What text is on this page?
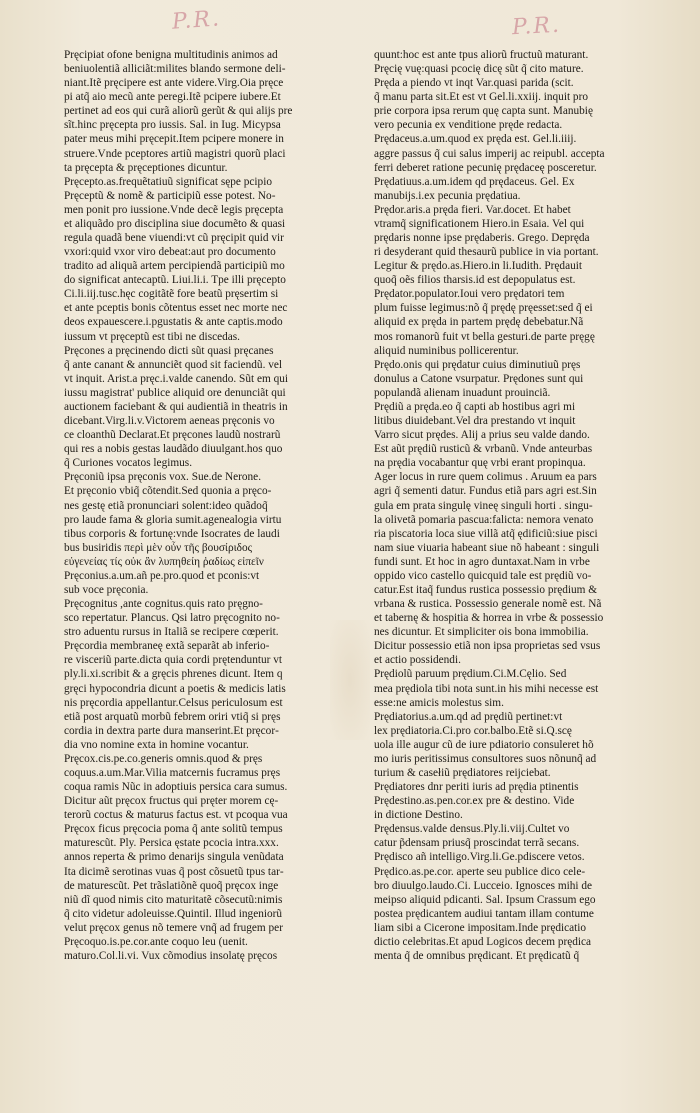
P.R.	P.R.
Pręcipiat ofone benigna multitudinis animos ad
beniuolentiã alliciãt:milites blando sermone deli‑
niant.Itẽ pręcipere est ante videre.Virg.Oia pręce
pi atq̃ aio mecũ ante peregi.Itẽ pcipere iubere.Et
pertinet ad eos qui curã aliorũ gerũt & qui alijs pre
sĩt.hinc pręcepta pro iussis. Sal. in Iug. Micypsa
pater meus mihi pręcepit.Item pcipere monere in
struere.Vnde pceptores artiũ magistri quorũ placi
ta pręcepta & pręceptiones dicuntur.
Pręcepto.as.frequẽtatiuũ significat sępe pcipio
Pręceptũ & nomẽ & participiũ esse potest. No‑
men ponit pro iussione.Vnde decẽ legis pręcepta
et aliquãdo pro disciplina siue documẽto & quasi
regula quadã bene viuendi:vt cũ pręcipit quid vir
vxori:quid vxor viro debeat:aut pro documento
tradito ad aliquã artem percipiendã participiũ mo
do significat antecaptũ. Liui.li.i. Tpe illi pręcepto
Ci.li.iij.tusc.hęc cogitãtẽ fore beatũ pręsertim si
et ante pceptis bonis cõtentus esset nec morte nec
deos expauescere.i.pgustatis & ante captis.modo
iussum vt pręceptũ est tibi ne discedas.
Pręcones a pręcinendo dicti sũt quasi pręcanes
q̃ ante canant & annunciẽt quod sit faciendũ. vel
vt inquit. Arist.a pręc.i.valde canendo. Sũt em qui
iussu magistrat' publice aliquid ore denunciãt qui
auctionem faciebant & qui audientiã in theatris in
dicebant.Virg.li.v.Victorem aeneas pręconis vo
ce cloanthũ Declarat.Et pręcones laudũ nostrarũ
qui res a nobis gestas laudãdo diuulgant.hos quo
q̃ Curiones vocatos legimus.
Pręconiũ ipsa pręconis vox. Sue.de Nerone.
Et pręconio vbiq̃ cõtendit.Sed quonia a pręco‑
nes gestę etiã pronunciari solent:ideo quãdoq̃
pro laude fama & gloria sumit.agenealogia virtu
tibus corporis & fortunę:vnde Isocrates de laudi
bus busiridis περὶ μὲν οὖν τῆς βουσίριδος
εὐγενείας τίς οὐκ ἂν λυπηθείη ῥαδίως εἰπεῖν
Pręconius.a.um.añ pe.pro.quod et pconis:vt
sub voce pręconia.
Pręcognitus ,ante cognitus.quis rato pręgno‑
sco repertatur. Plancus. Qsi latro pręcognito no‑
stro aduentu rursus in Italiã se recipere cœperit.
Pręcordia membraneę extã separãt ab inferio‑
re visceriũ parte.dicta quia cordi prętenduntur vt
ply.li.xi.scribit & a gręcis phrenes dicunt. Item q
gręci hypocondria dicunt a poetis & medicis latis
nis pręcordia appellantur.Celsus periculosum est
etiã post arquatũ morbũ febrem oriri vtiq̃ si pręs
cordia in dextra parte dura manserint.Et pręcor‑
dia vno nomine exta in homine vocantur.
Pręcox.cis.pe.co.generis omnis.quod & pręs
coquus.a.um.Mar.Vilia matcernis fucramus pręs
coqua ramis Nũc in adoptiuis persica cara sumus.
Dicitur aũt pręcox fructus qui pręter morem cę‑
terorũ coctus & maturus factus est. vt pcoqua vua
Pręcox ficus pręcocia poma q̃ ante solitũ tempus
maturescũt. Ply. Persica ęstate pcocia intra.xxx.
annos reperta & primo denarijs singula venũdata
Ita dicimẽ serotinas vuas q̃ post cõsuetũ tpus tar‑
de maturescũt. Pet trãslatiõnẽ quoq̃ pręcox inge
niũ dĩ quod nimis cito maturitatẽ cõsecutũ:nimis
q̃ cito videtur adoleuisse.Quintil. Illud ingeniorũ
velut pręcox genus nõ temere vnq̃ ad frugem per
Pręcoquo.is.pe.cor.ante coquo leu (uenit.
maturo.Col.li.vi. Vux cõmodius insolatę pręcos
quunt:hoc est ante tpus aliorũ fructuũ maturant.
Pręcię vuę:quasi pcocię dicę sũt q̃ cito mature.
Pręda a piendo vt inqt Var.quasi parida (scit.
q̃ manu parta sit.Et est vt Gel.li.xxiij. inquit pro
prie corpora ipsa rerum quę capta sunt. Manubię
vero pecunia ex venditione pręde redacta.
Prędaceus.a.um.quod ex pręda est. Gel.li.iiij.
aggre passus q̃ cui salus imperij ac reipubl. accepta
ferri deberet ratione pecunię prędaceę posceretur.
Prędatiuus.a.um.idem qd prędaceus. Gel. Ex
manubijs.i.ex pecunia prędatiua.
Prędor.aris.a pręda fieri. Var.docet. Et habet
vtramq̃ significationem Hiero.in Esaia. Vel qui
prędaris nonne ipse prędaberis. Grego. Depręda
ri desyderant quid thesaurũ publice in via portant.
Legitur & prędo.as.Hiero.in li.Iudith. Prędauit
quoq̃ oẽs filios tharsis.id est depopulatus est.
Prędator.populator.Ioui vero prędatori tem
plum fuisse legimus:nõ q̃ prędę pręesset:sed q̃ ei
aliquid ex pręda in partem prędę debebatur.Nã
mos romanorũ fuit vt bella gesturi.de parte pręgę
aliquid numinibus pollicerentur.
Prędo.onis qui prędatur cuius diminutiuũ pręs
donulus a Catone vsurpatur. Prędones sunt qui
populandã alienam inuadunt prouinciã.
Prędiũ a pręda.eo q̃ capti ab hostibus agri mi
litibus diuidebant.Vel dra prestando vt inquit
Varro sicut prędes. Alij a prius seu valde dando.
Est aũt prędiũ rusticũ & vrbanũ. Vnde anteurbas
na prędia vocabantur quę vrbi erant propinqua.
Ager locus in rure quem colimus . Aruum ea pars
agri q̃ sementi datur. Fundus etiã pars agri est.Sin
gula em prata singulę vineę singuli horti . singu‑
la olivetã pomaria pascua:falicta: nemora venato
ria piscatoria loca siue villã atq̃ ędificiũ:siue pisci
nam siue viuaria habeant siue nõ habeant : singuli
fundi sunt. Et hoc in agro duntaxat.Nam in vrbe
oppido vico castello quicquid tale est prędiũ vo‑
catur.Est itaq̃ fundus rustica possessio prędium &
vrbana & rustica. Possessio generale nomẽ est. Nã
et tabernę & hospitia & horrea in vrbe & possessio
nes dicuntur. Et simpliciter ois bona immobilia.
Dicitur possessio etiã non ipsa proprietas sed vsus
et actio possidendi.
Prędiolũ paruum prędium.Ci.M.Cęlio. Sed
mea prędiola tibi nota sunt.in his mihi necesse est
esse:ne amicis molestus sim.
Prędiatorius.a.um.qd ad prędiũ pertinet:vt
lex prędiatoria.Ci.pro cor.balbo.Etẽ si.Q.scę
uola ille augur cũ de iure pdiatorio consuleret hõ
mo iuris peritissimus consultores suos nõnunq̃ ad
turium & casełiũ prędiatores reijciebat.
Prędiatores dnr periti iuris ad prędia ptinentis
Prędestino.as.pen.cor.ex pre & destino. Vide
in dictione Destino.
Prędensus.valde densus.Ply.li.viij.Cultet vo
catur p̃densam priusq̃ proscindat terrã secans.
Prędisco añ intelligo.Virg.li.Ge.pdiscere vetos.
Prędico.as.pe.cor. aperte seu publice dico cele‑
bro diuulgo.laudo.Ci. Lucceio. Ignosces mihi de
meipso aliquid pdicanti. Sal. Ipsum Crassum ego
postea prędicantem audiui tantam illam contume
liam sibi a Cicerone impositam.Inde prędicatio
dictio celebritas.Et apud Logicos decem prędica
menta q̃ de omnibus prędicant. Et prędicatũ q̃
